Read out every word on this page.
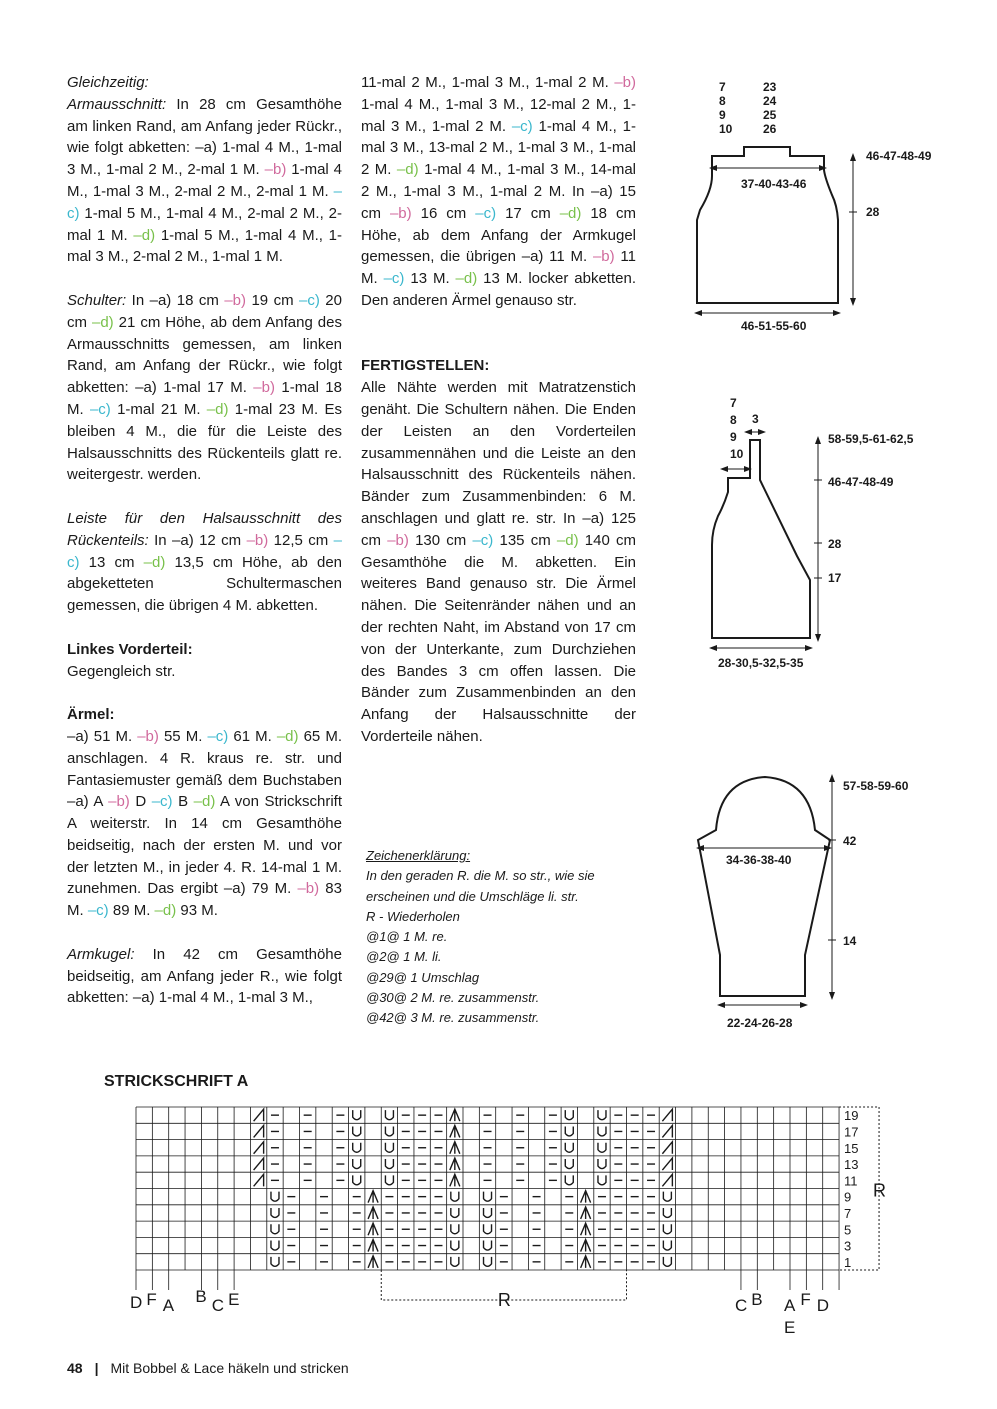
Gleichzeitig:
Armausschnitt: In 28 cm Gesamthöhe am linken Rand, am Anfang jeder Rückr., wie folgt abketten: –a) 1-mal 4 M., 1-mal 3 M., 1-mal 2 M., 2-mal 1 M. –b) 1-mal 4 M., 1-mal 3 M., 2-mal 2 M., 2-mal 1 M. –c) 1-mal 5 M., 1-mal 4 M., 2-mal 2 M., 2-mal 1 M. –d) 1-mal 5 M., 1-mal 4 M., 1-mal 3 M., 2-mal 2 M., 1-mal 1 M.

Schulter: In –a) 18 cm –b) 19 cm –c) 20 cm –d) 21 cm Höhe, ab dem Anfang des Armausschnitts gemessen, am linken Rand, am Anfang der Rückr., wie folgt abketten: –a) 1-mal 17 M. –b) 1-mal 18 M. –c) 1-mal 21 M. –d) 1-mal 23 M. Es bleiben 4 M., die für die Leiste des Halsausschnitts des Rückenteils glatt re. weitergestr. werden.

Leiste für den Halsausschnitt des Rückenteils: In –a) 12 cm –b) 12,5 cm –c) 13 cm –d) 13,5 cm Höhe, ab den abgeketteten Schultermaschen gemessen, die übrigen 4 M. abketten.

Linkes Vorderteil:
Gegengleich str.

Ärmel:
–a) 51 M. –b) 55 M. –c) 61 M. –d) 65 M. anschlagen. 4 R. kraus re. str. und Fantasiemuster gemäß dem Buchstaben –a) A –b) D –c) B –d) A von Strickschrift A weiterstr. In 14 cm Gesamthöhe beidseitig, nach der ersten M. und vor der letzten M., in jeder 4. R. 14-mal 1 M. zunehmen. Das ergibt –a) 79 M. –b) 83 M. –c) 89 M. –d) 93 M.

Armkugel: In 42 cm Gesamthöhe beidseitig, am Anfang jeder R., wie folgt abketten: –a) 1-mal 4 M., 1-mal 3 M.,

11-mal 2 M., 1-mal 3 M., 1-mal 2 M. –b) 1-mal 4 M., 1-mal 3 M., 12-mal 2 M., 1-mal 3 M., 1-mal 2 M. –c) 1-mal 4 M., 1-mal 3 M., 13-mal 2 M., 1-mal 3 M., 1-mal 2 M. –d) 1-mal 4 M., 1-mal 3 M., 14-mal 2 M., 1-mal 3 M., 1-mal 2 M. In –a) 15 cm –b) 16 cm –c) 17 cm –d) 18 cm Höhe, ab dem Anfang der Armkugel gemessen, die übrigen –a) 11 M. –b) 11 M. –c) 13 M. –d) 13 M. locker abketten. Den anderen Ärmel genauso str.

FERTIGSTELLEN:
Alle Nähte werden mit Matratzenstich genäht. Die Schultern nähen. Die Enden der Leisten an den Vorderteilen zusammennähen und die Leiste an den Halsausschnitt des Rückenteils nähen. Bänder zum Zusammenbinden: 6 M. anschlagen und glatt re. str. In –a) 125 cm –b) 130 cm –c) 135 cm –d) 140 cm Gesamthöhe die M. abketten. Ein weiteres Band genauso str. Die Ärmel nähen. Die Seitenränder nähen und an der rechten Naht, im Abstand von 17 cm von der Unterkante, zum Durchziehen des Bandes 3 cm offen lassen. Die Bänder zum Zusammenbinden an den Anfang der Halsausschnitte der Vorderteile nähen.

Zeichenerklärung:

In den geraden R. die M. so str., wie sie

erscheinen und die Umschläge li. str.

R - Wiederholen

@1@ 1 M. re.

@2@ 1 M. li.

@29@ 1 Umschlag

@30@ 2 M. re. zusammenstr.

@42@ 3 M. re. zusammenstr.

7
8
9
10
23
24
25
26
37-40-43-46
46-47-48-49
28
46-51-55-60
7
8
9
10
3
58-59,5-61-62,5
46-47-48-49
28
17
28-30,5-32,5-35
57-58-59-60
42
14
34-36-38-40
22-24-26-28
STRICKSCHRIFT A
19
17
15
13
11
9
7
5
3
1
R
R
D F A B C E	C B A F D
E
48 | Mit Bobbel & Lace häkeln und stricken
